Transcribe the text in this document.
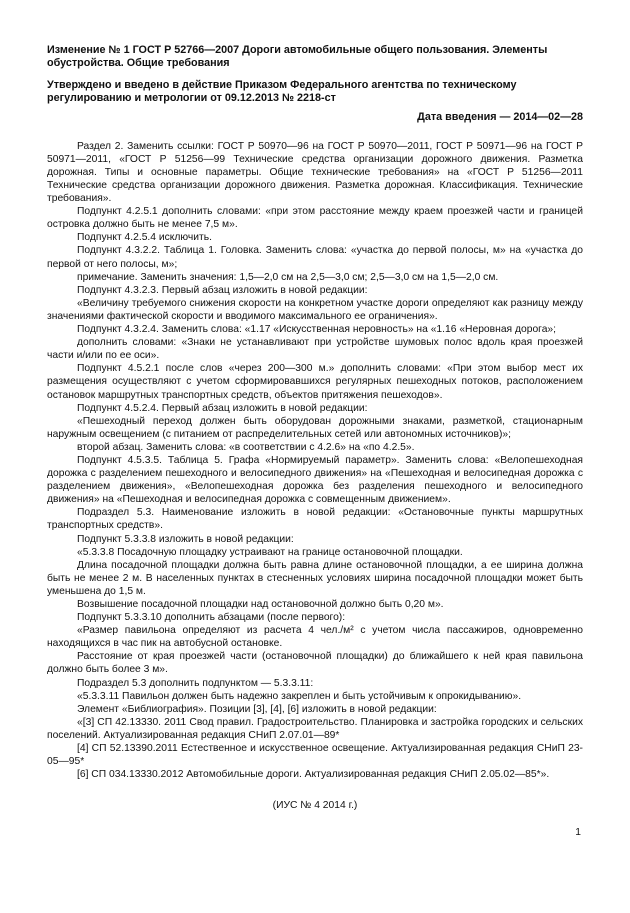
Изменение № 1 ГОСТ Р 52766—2007 Дороги автомобильные общего пользования. Элементы обустройства. Общие требования

Утверждено и введено в действие Приказом Федерального агентства по техническому регулированию и метрологии от 09.12.2013 № 2218-ст

Дата введения — 2014—02—28

Раздел 2. Заменить ссылки: ГОСТ Р 50970—96 на ГОСТ Р 50970—2011, ГОСТ Р 50971—96 на ГОСТ Р 50971—2011, «ГОСТ Р 51256—99 Технические средства организации дорожного движения. Разметка дорожная. Типы и основные параметры. Общие технические требования» на «ГОСТ Р 51256—2011 Технические средства организации дорожного движения. Разметка дорожная. Классификация. Технические требования».

Подпункт 4.2.5.1 дополнить словами: «при этом расстояние между краем проезжей части и границей островка должно быть не менее 7,5 м».

Подпункт 4.2.5.4 исключить.

Подпункт 4.3.2.2. Таблица 1. Головка. Заменить слова: «участка до первой полосы, м» на «участка до первой от него полосы, м»;

примечание. Заменить значения: 1,5—2,0 см на 2,5—3,0 см; 2,5—3,0 см на 1,5—2,0 см.

Подпункт 4.3.2.3. Первый абзац изложить в новой редакции:

«Величину требуемого снижения скорости на конкретном участке дороги определяют как разницу между значениями фактической скорости и вводимого максимального ее ограничения».

Подпункт 4.3.2.4. Заменить слова: «1.17 «Искусственная неровность» на «1.16 «Неровная дорога»;

дополнить словами: «Знаки не устанавливают при устройстве шумовых полос вдоль края проезжей части и/или по ее оси».

Подпункт 4.5.2.1 после слов «через 200—300 м.» дополнить словами: «При этом выбор мест их размещения осуществляют с учетом сформировавшихся регулярных пешеходных потоков, расположением остановок маршрутных транспортных средств, объектов притяжения пешеходов».

Подпункт 4.5.2.4. Первый абзац изложить в новой редакции:

«Пешеходный переход должен быть оборудован дорожными знаками, разметкой, стационарным наружным освещением (с питанием от распределительных сетей или автономных источников)»;

второй абзац. Заменить слова: «в соответствии с 4.2.6» на «по 4.2.5».

Подпункт 4.5.3.5. Таблица 5. Графа «Нормируемый параметр». Заменить слова: «Велопешеходная дорожка с разделением пешеходного и велосипедного движения» на «Пешеходная и велосипедная дорожка с разделением движения», «Велопешеходная дорожка без разделения пешеходного и велосипедного движения» на «Пешеходная и велосипедная дорожка с совмещенным движением».

Подраздел 5.3. Наименование изложить в новой редакции: «Остановочные пункты маршрутных транспортных средств».

Подпункт 5.3.3.8 изложить в новой редакции:

«5.3.3.8 Посадочную площадку устраивают на границе остановочной площадки.

Длина посадочной площадки должна быть равна длине остановочной площадки, а ее ширина должна быть не менее 2 м. В населенных пунктах в стесненных условиях ширина посадочной площадки может быть уменьшена до 1,5 м.

Возвышение посадочной площадки над остановочной должно быть 0,20 м».

Подпункт 5.3.3.10 дополнить абзацами (после первого):

«Размер павильона определяют из расчета 4 чел./м² с учетом числа пассажиров, одновременно находящихся в час пик на автобусной остановке.

Расстояние от края проезжей части (остановочной площадки) до ближайшего к ней края павильона должно быть более 3 м».

Подраздел 5.3 дополнить подпунктом — 5.3.3.11:

«5.3.3.11 Павильон должен быть надежно закреплен и быть устойчивым к опрокидыванию».

Элемент «Библиография». Позиции [3], [4], [6] изложить в новой редакции:

«[3] СП 42.13330. 2011 Свод правил. Градостроительство. Планировка и застройка городских и сельских поселений. Актуализированная редакция СНиП 2.07.01—89*

[4] СП 52.13390.2011 Естественное и искусственное освещение. Актуализированная редакция СНиП 23-05—95*

[6] СП 034.13330.2012 Автомобильные дороги. Актуализированная редакция СНиП 2.05.02—85*».

(ИУС № 4 2014 г.)
1
